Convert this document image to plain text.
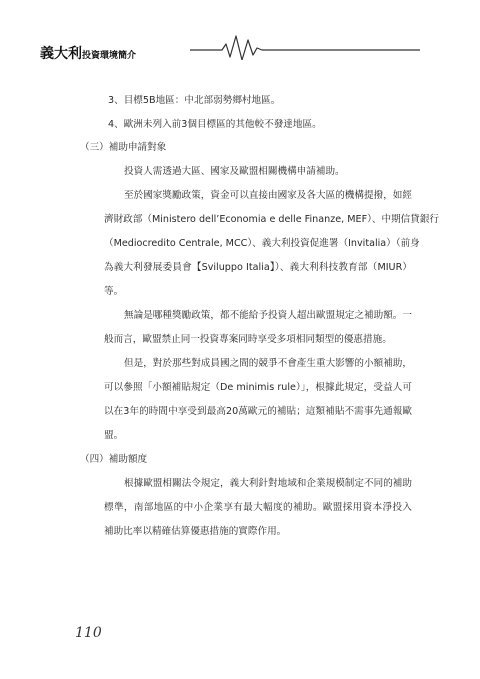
義大利投資環境簡介
3、目標5B地區：中北部弱勢鄉村地區。
4、歐洲未列入前3個目標區的其他較不發達地區。
（三）補助申請對象
投資人需透過大區、國家及歐盟相關機構申請補助。
至於國家獎勵政策，資金可以直接由國家及各大區的機構提撥，如經
濟財政部（Ministero dell’Economia e delle Finanze, MEF）、中期信貸銀行
（Mediocredito Centrale, MCC）、義大利投資促進署（Invitalia）（前身
為義大利發展委員會【Sviluppo Italia】）、義大利科技教育部（MIUR）
等。
無論是哪種獎勵政策，都不能給予投資人超出歐盟規定之補助額。一
般而言，歐盟禁止同一投資專案同時享受多項相同類型的優惠措施。
但是，對於那些對成員國之間的競爭不會產生重大影響的小額補助，
可以參照「小額補貼規定（De minimis rule）」，根據此規定，受益人可
以在3年的時間中享受到最高20萬歐元的補貼；這類補貼不需事先通報歐
盟。
（四）補助額度
根據歐盟相關法令規定，義大利針對地域和企業規模制定不同的補助
標準，南部地區的中小企業享有最大幅度的補助。歐盟採用資本淨投入
補助比率以精確估算優惠措施的實際作用。
110
